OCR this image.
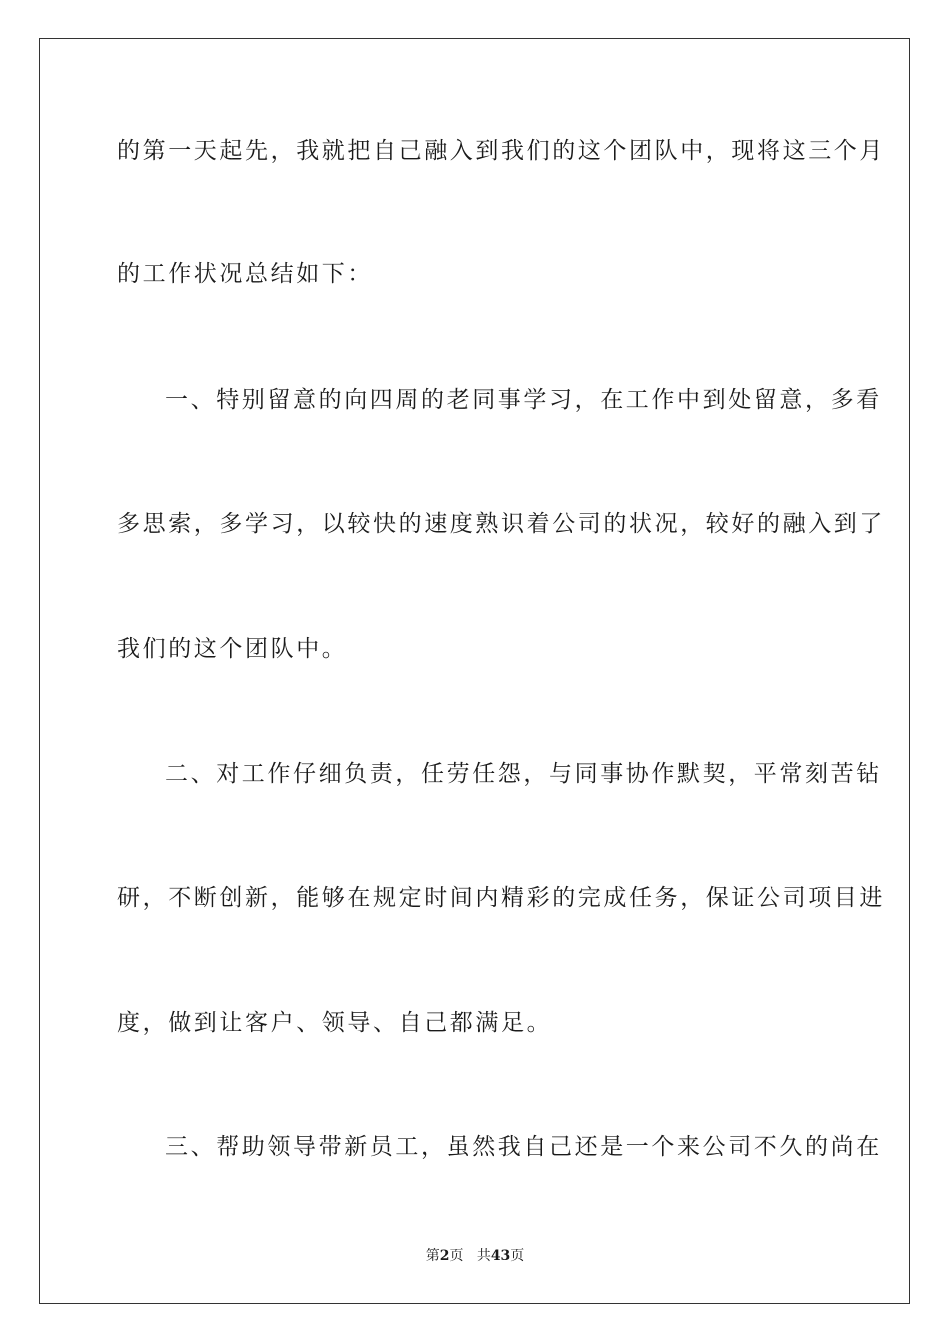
的第一天起先，我就把自己融入到我们的这个团队中，现将这三个月
的工作状况总结如下：
一、特别留意的向四周的老同事学习，在工作中到处留意，多看
多思索，多学习，以较快的速度熟识着公司的状况，较好的融入到了
我们的这个团队中。
二、对工作仔细负责，任劳任怨，与同事协作默契，平常刻苦钻
研，不断创新，能够在规定时间内精彩的完成任务，保证公司项目进
度，做到让客户、领导、自己都满足。
三、帮助领导带新员工，虽然我自己还是一个来公司不久的尚在
第2页 共43页
